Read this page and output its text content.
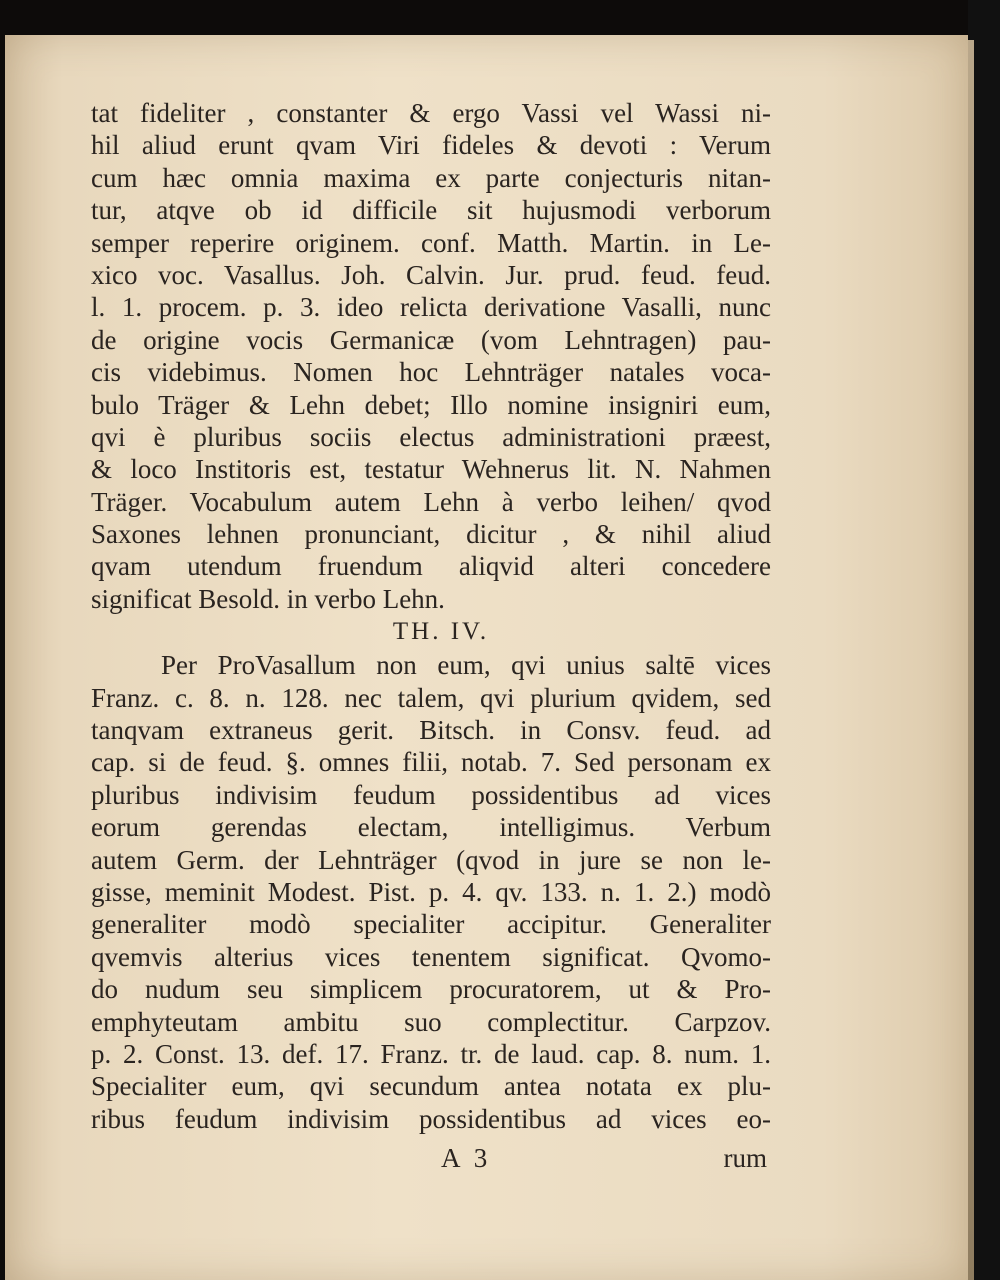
tat fideliter , constanter & ergo Vassi vel Wassi ni-
hil aliud erunt qvam Viri fideles & devoti : Verum
cum hæc omnia maxima ex parte conjecturis nitan-
tur, atqve ob id difficile sit hujusmodi verborum
semper reperire originem. conf. Matth. Martin. in Le-
xico voc. Vasallus. Joh. Calvin. Jur. prud. feud. feud.
l. 1. procem. p. 3. ideo relicta derivatione Vasalli, nunc
de origine vocis Germanicæ (vom Lehntragen) pau-
cis videbimus. Nomen hoc Lehnträger natales voca-
bulo Träger & Lehn debet; Illo nomine insigniri eum,
qvi è pluribus sociis electus administrationi præest,
& loco Institoris est, testatur Wehnerus lit. N. Nahmen
Träger. Vocabulum autem Lehn à verbo leihen/ qvod
Saxones lehnen pronunciant, dicitur , & nihil aliud
qvam utendum fruendum aliqvid alteri concedere
significat Besold. in verbo Lehn.
TH. IV.
Per ProVasallum non eum, qvi unius saltē vices
Franz. c. 8. n. 128. nec talem, qvi plurium qvidem, sed
tanqvam extraneus gerit. Bitsch. in Consv. feud. ad
cap. si de feud. §. omnes filii, notab. 7. Sed personam ex
pluribus indivisim feudum possidentibus ad vices
eorum gerendas electam, intelligimus. Verbum
autem Germ. der Lehnträger (qvod in jure se non le-
gisse, meminit Modest. Pist. p. 4. qv. 133. n. 1. 2.) modò
generaliter modò specialiter accipitur. Generaliter
qvemvis alterius vices tenentem significat. Qvomo-
do nudum seu simplicem procuratorem, ut & Pro-
emphyteutam ambitu suo complectitur. Carpzov.
p. 2. Const. 13. def. 17. Franz. tr. de laud. cap. 8. num. 1.
Specialiter eum, qvi secundum antea notata ex plu-
ribus feudum indivisim possidentibus ad vices eo-
A 3	rum
